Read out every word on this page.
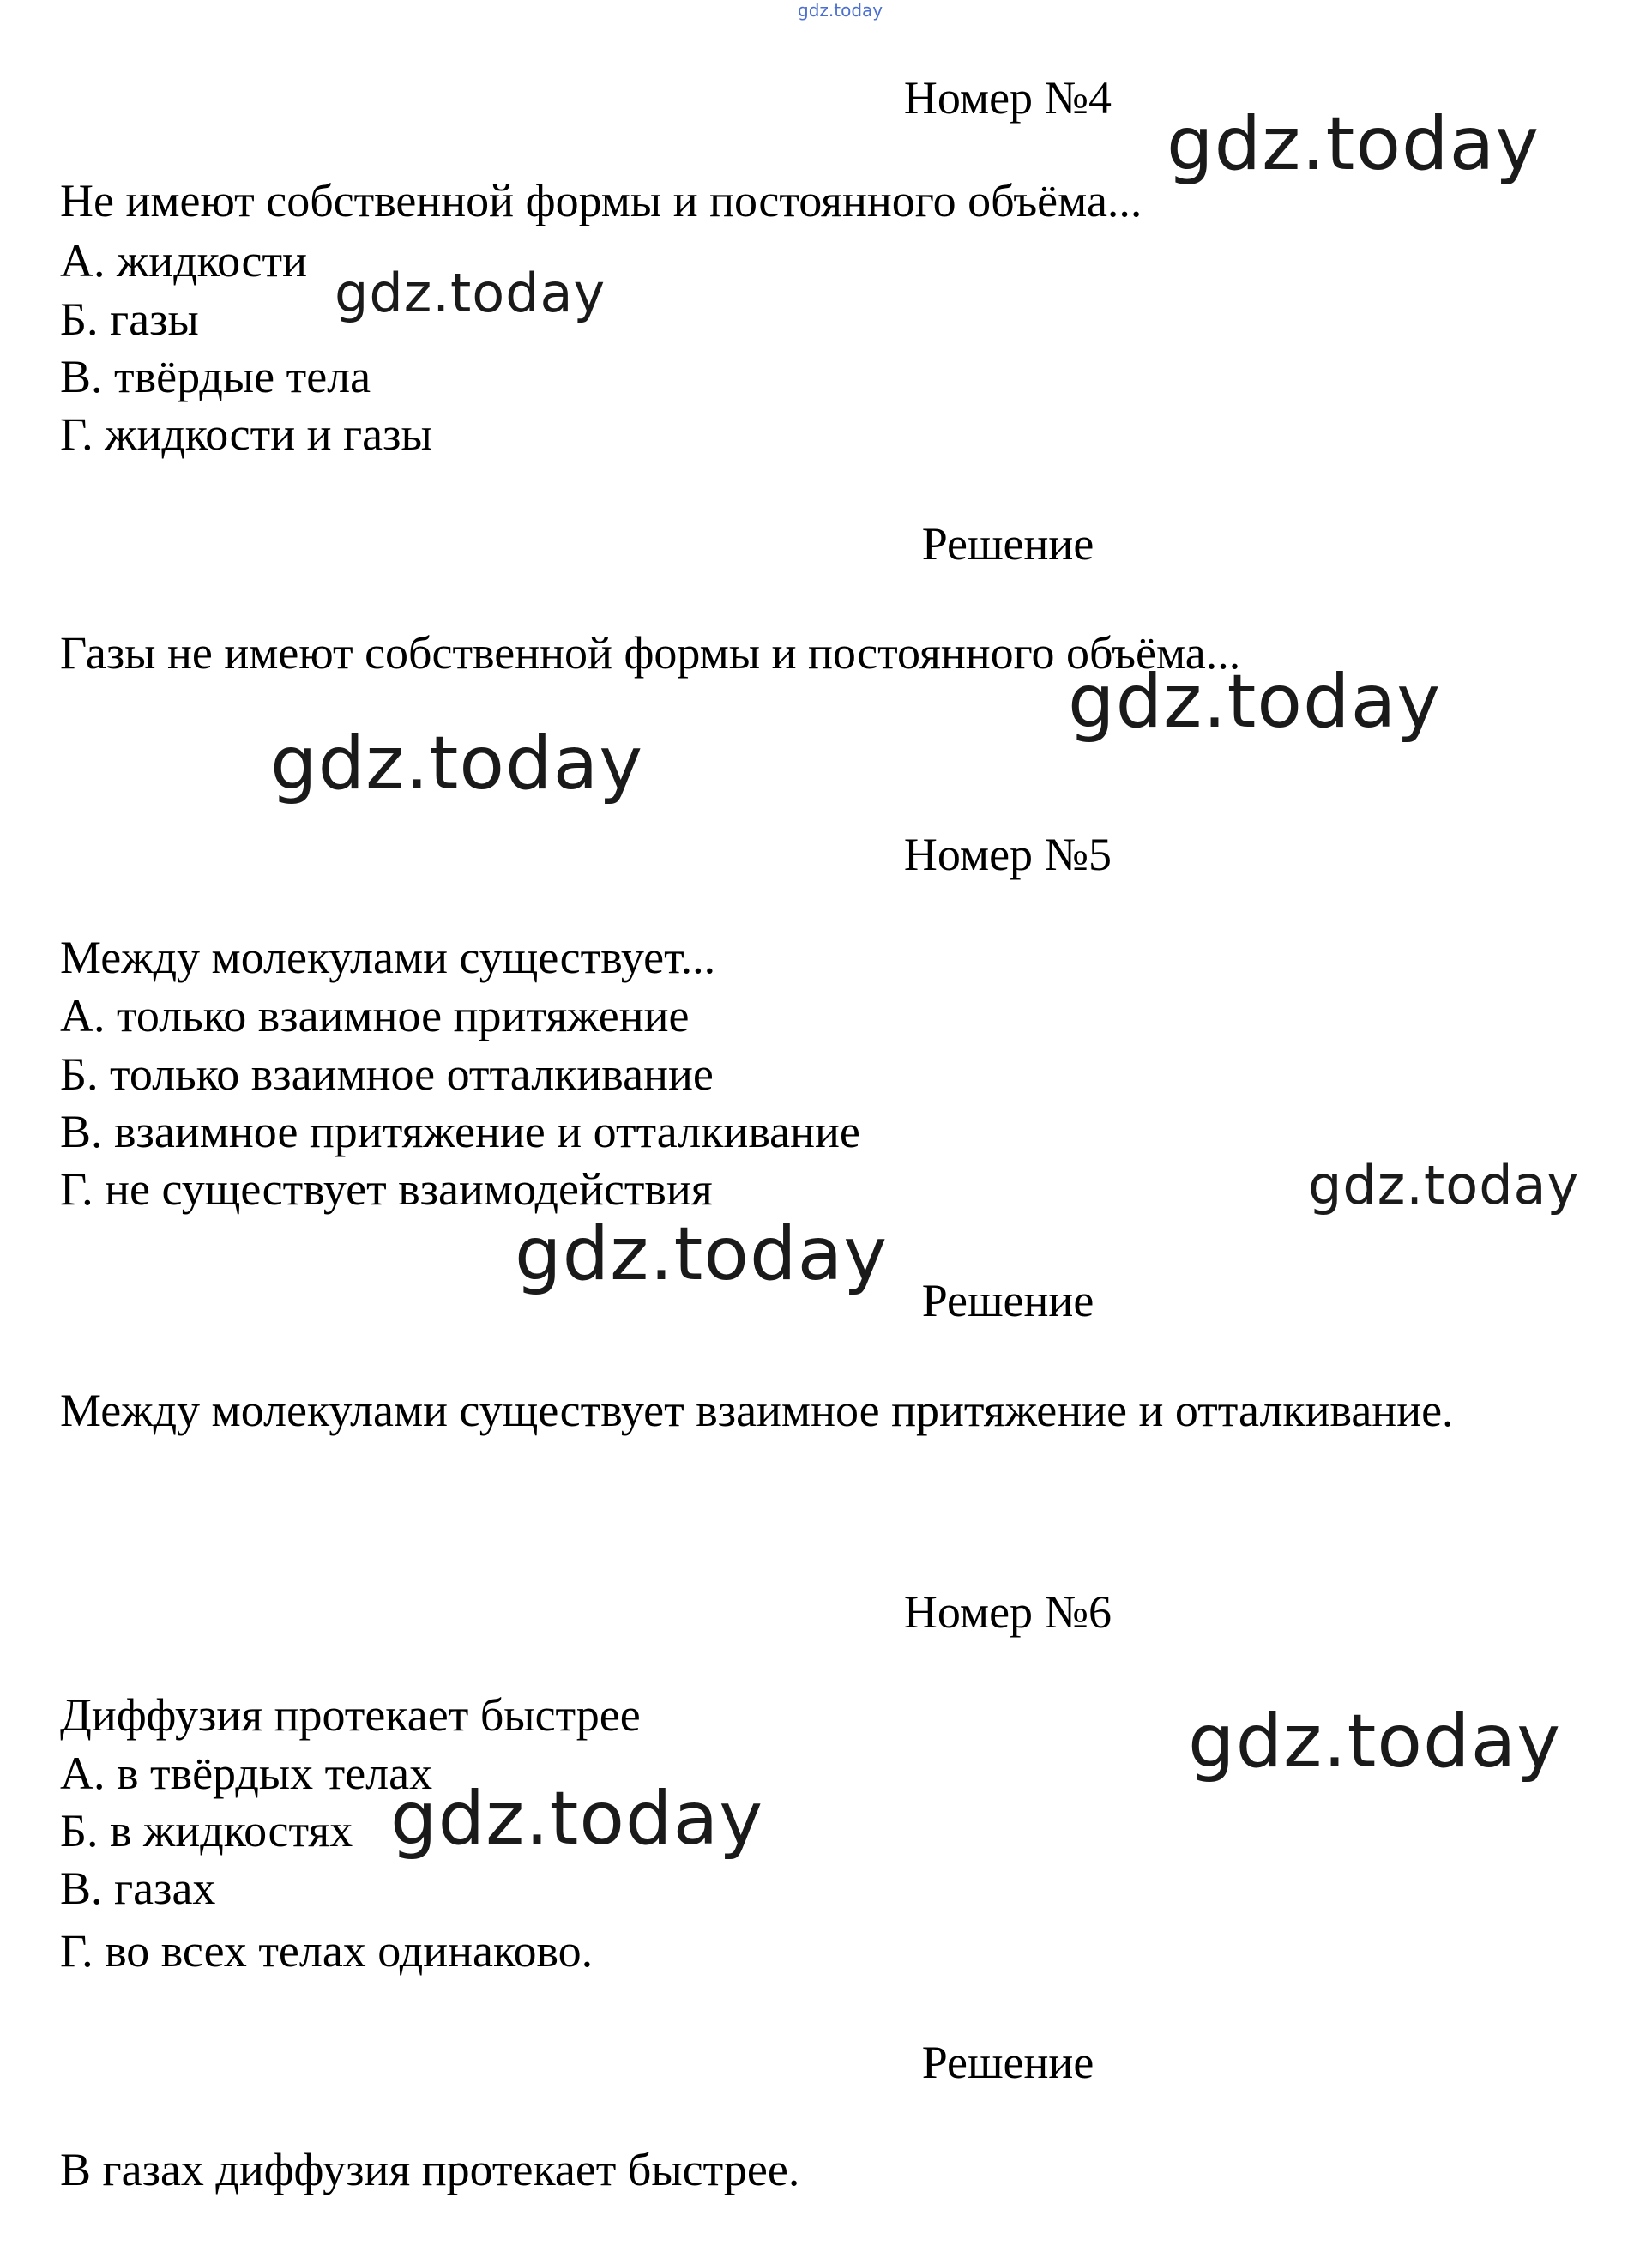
gdz.today
Номер №4
Не имеют собственной формы и постоянного объёма...
А. жидкости
Б. газы
В. твёрдые тела
Г. жидкости и газы
Решение
Газы не имеют собственной формы и постоянного объёма...
Номер №5
Между молекулами существует...
А. только взаимное притяжение
Б. только взаимное отталкивание
В. взаимное притяжение и отталкивание
Г. не существует взаимодействия
Решение
Между молекулами существует взаимное притяжение и отталкивание.
Номер №6
Диффузия протекает быстрее
А. в твёрдых телах
Б. в жидкостях
В. газах
Г. во всех телах одинаково.
Решение
В газах диффузия протекает быстрее.
gdz.today
gdz.today
gdz.today
gdz.today
gdz.today
gdz.today
gdz.today
gdz.today
